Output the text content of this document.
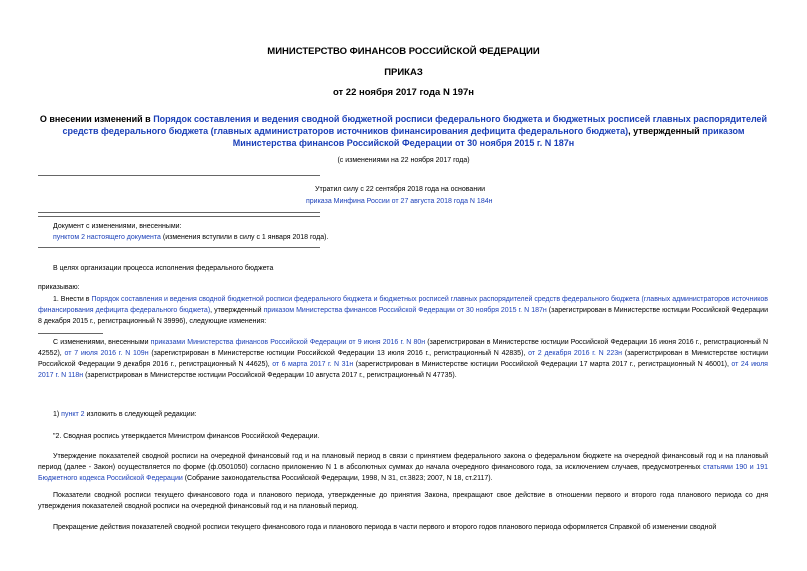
МИНИСТЕРСТВО ФИНАНСОВ РОССИЙСКОЙ ФЕДЕРАЦИИ
ПРИКАЗ
от 22 ноября 2017 года N 197н
О внесении изменений в Порядок составления и ведения сводной бюджетной росписи федерального бюджета и бюджетных росписей главных распорядителей
средств федерального бюджета (главных администраторов источников финансирования дефицита федерального бюджета), утвержденный приказом
Министерства финансов Российской Федерации от 30 ноября 2015 г. N 187н
(с изменениями на 22 ноября 2017 года)
Утратил силу с 22 сентября 2018 года на основании
приказа Минфина России от 27 августа 2018 года N 184н
Документ с изменениями, внесенными:
пунктом 2 настоящего документа (изменения вступили в силу с 1 января 2018 года).
В целях организации процесса исполнения федерального бюджета
приказываю:
1. Внести в Порядок составления и ведения сводной бюджетной росписи федерального бюджета и бюджетных росписей главных распорядителей средств федерального бюджета (главных администраторов источников финансирования дефицита федерального бюджета), утвержденный приказом Министерства финансов Российской Федерации от 30 ноября 2015 г. N 187н (зарегистрирован в Министерстве юстиции Российской Федерации 8 декабря 2015 г., регистрационный N 39996), следующие изменения:
С изменениями, внесенными приказами Министерства финансов Российской Федерации от 9 июня 2016 г. N 80н (зарегистрирован в Министерстве юстиции Российской Федерации 16 июня 2016 г., регистрационный N 42552), от 7 июля 2016 г. N 109н (зарегистрирован в Министерстве юстиции Российской Федерации 13 июля 2016 г., регистрационный N 42835), от 2 декабря 2016 г. N 223н (зарегистрирован в Министерстве юстиции Российской Федерации 9 декабря 2016 г., регистрационный N 44625), от 6 марта 2017 г. N 31н (зарегистрирован в Министерстве юстиции Российской Федерации 17 марта 2017 г., регистрационный N 46001), от 24 июля 2017 г. N 118н (зарегистрирован в Министерстве юстиции Российской Федерации 10 августа 2017 г., регистрационный N 47735).
1) пункт 2 изложить в следующей редакции:
"2. Сводная роспись утверждается Министром финансов Российской Федерации.
Утверждение показателей сводной росписи на очередной финансовый год и на плановый период в связи с принятием федерального закона о федеральном бюджете на очередной финансовый год и на плановый период (далее - Закон) осуществляется по форме (ф.0501050) согласно приложению N 1 в абсолютных суммах до начала очередного финансового года, за исключением случаев, предусмотренных статьями 190 и 191 Бюджетного кодекса Российской Федерации (Собрание законодательства Российской Федерации, 1998, N 31, ст.3823; 2007, N 18, ст.2117).
Показатели сводной росписи текущего финансового года и планового периода, утвержденные до принятия Закона, прекращают свое действие в отношении первого и второго года планового периода со дня утверждения показателей сводной росписи на очередной финансовый год и на плановый период.
Прекращение действия показателей сводной росписи текущего финансового года и планового периода в части первого и второго годов планового периода оформляется Справкой об изменении сводной
